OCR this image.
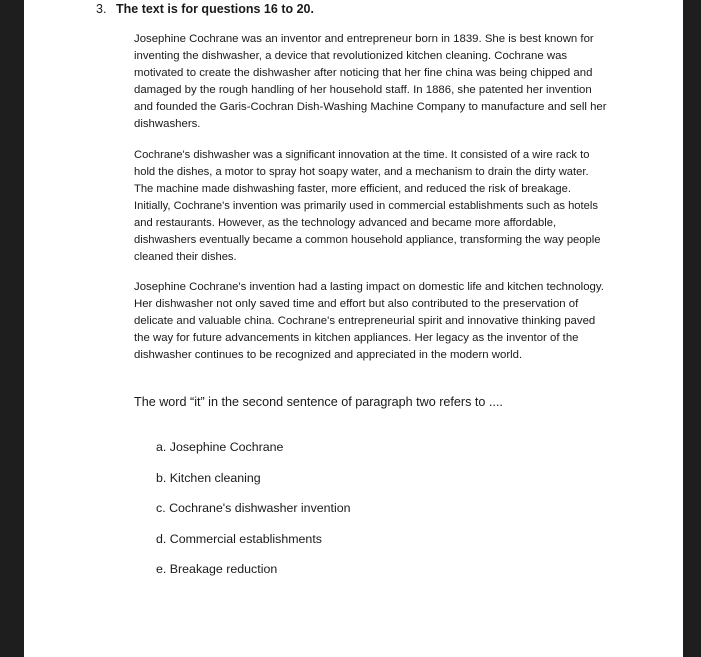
3. The text is for questions 16 to 20.

Josephine Cochrane was an inventor and entrepreneur born in 1839. She is best known for inventing the dishwasher, a device that revolutionized kitchen cleaning. Cochrane was motivated to create the dishwasher after noticing that her fine china was being chipped and damaged by the rough handling of her household staff. In 1886, she patented her invention and founded the Garis-Cochran Dish-Washing Machine Company to manufacture and sell her dishwashers.

Cochrane's dishwasher was a significant innovation at the time. It consisted of a wire rack to hold the dishes, a motor to spray hot soapy water, and a mechanism to drain the dirty water. The machine made dishwashing faster, more efficient, and reduced the risk of breakage. Initially, Cochrane's invention was primarily used in commercial establishments such as hotels and restaurants. However, as the technology advanced and became more affordable, dishwashers eventually became a common household appliance, transforming the way people cleaned their dishes.

Josephine Cochrane's invention had a lasting impact on domestic life and kitchen technology. Her dishwasher not only saved time and effort but also contributed to the preservation of delicate and valuable china. Cochrane's entrepreneurial spirit and innovative thinking paved the way for future advancements in kitchen appliances. Her legacy as the inventor of the dishwasher continues to be recognized and appreciated in the modern world.

The word “it” in the second sentence of paragraph two refers to ....
a. Josephine Cochrane
b. Kitchen cleaning
c. Cochrane's dishwasher invention
d. Commercial establishments
e. Breakage reduction
